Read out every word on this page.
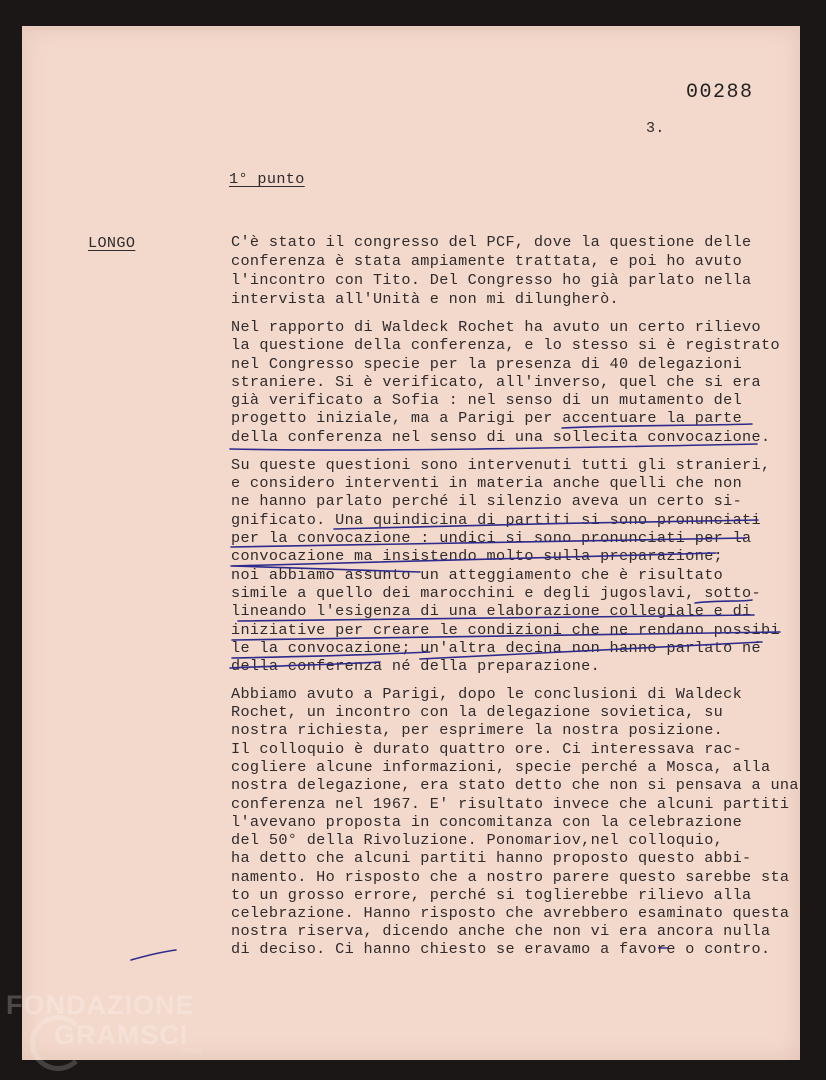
00288
3.
1° punto
LONGO	C'è stato il congresso del PCF, dove la questione delle
conferenza è stata ampiamente trattata, e poi ho avuto
l'incontro con Tito. Del Congresso ho già parlato nella
intervista all'Unità e non mi dilungherò.
Nel rapporto di Waldeck Rochet ha avuto un certo rilievo
la questione della conferenza, e lo stesso si è registrato
nel Congresso specie per la presenza di 40 delegazioni
straniere. Si è verificato, all'inverso, quel che si era
già verificato a Sofia : nel senso di un mutamento del
progetto iniziale, ma a Parigi per accentuare la parte
della conferenza nel senso di una sollecita convocazione.
Su queste questioni sono intervenuti tutti gli stranieri,
e considero interventi in materia anche quelli che non
ne hanno parlato perché il silenzio aveva un certo si-
gnificato. Una quindicina di partiti si sono pronunciati
per la convocazione : undici si sono pronunciati per la
convocazione ma insistendo molto sulla preparazione;
noi abbiamo assunto un atteggiamento che è risultato
simile a quello dei marocchini e degli jugoslavi, sotto-
lineando l'esigenza di una elaborazione collegiale e di
iniziative per creare le condizioni che ne rendano possibi
le la convocazione; un'altra decina non hanno parlato né
della conferenza né della preparazione.
Abbiamo avuto a Parigi, dopo le conclusioni di Waldeck
Rochet, un incontro con la delegazione sovietica, su
nostra richiesta, per esprimere la nostra posizione.
Il colloquio è durato quattro ore. Ci interessava rac-
cogliere alcune informazioni, specie perché a Mosca, alla
nostra delegazione, era stato detto che non si pensava a una
conferenza nel 1967. E' risultato invece che alcuni partiti
l'avevano proposta in concomitanza con la celebrazione
del 50° della Rivoluzione. Ponomariov,nel colloquio,
ha detto che alcuni partiti hanno proposto questo abbi-
namento. Ho risposto che a nostro parere questo sarebbe sta
to un grosso errore, perché si toglierebbe rilievo alla
celebrazione. Hanno risposto che avrebbero esaminato questa
nostra riserva, dicendo anche che non vi era ancora nulla
di deciso. Ci hanno chiesto se eravamo a favore o contro.
FONDAZIONE
GRAMSCI
onlus
